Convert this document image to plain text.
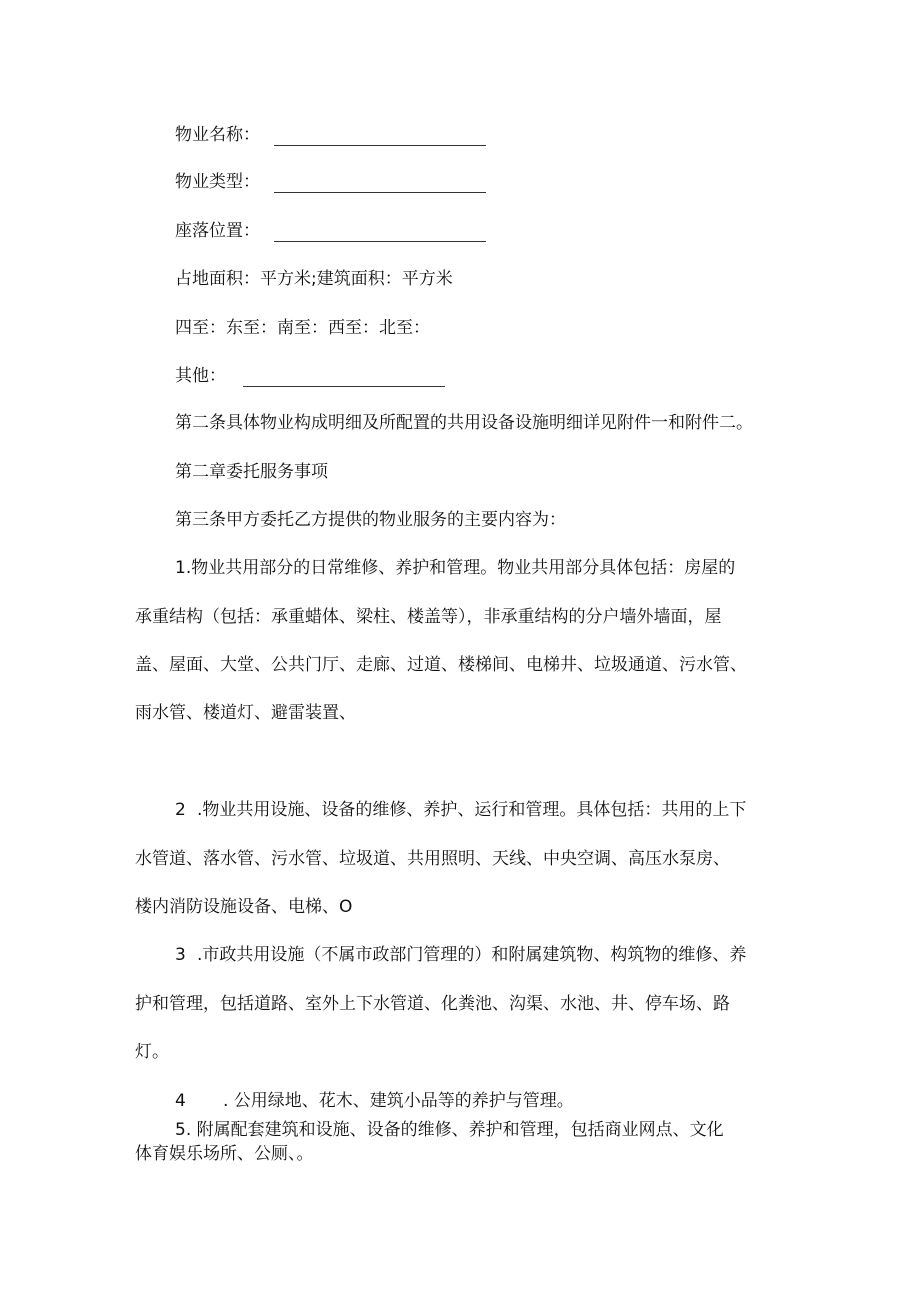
物业名称：

物业类型：

座落位置：

占地面积：平方米;建筑面积：平方米

四至：东至：南至：西至：北至：

其他：

第二条具体物业构成明细及所配置的共用设备设施明细详见附件一和附件二。

第二章委托服务事项

第三条甲方委托乙方提供的物业服务的主要内容为：

1.物业共用部分的日常维修、养护和管理。物业共用部分具体包括：房屋的

承重结构（包括：承重蜡体、梁柱、楼盖等），非承重结构的分户墙外墙面，屋

盖、屋面、大堂、公共门厅、走廊、过道、楼梯间、电梯井、垃圾通道、污水管、

雨水管、楼道灯、避雷装置、

2 .物业共用设施、设备的维修、养护、运行和管理。具体包括：共用的上下

水管道、落水管、污水管、垃圾道、共用照明、天线、中央空调、高压水泵房、

楼内消防设施设备、电梯、O

3 .市政共用设施（不属市政部门管理的）和附属建筑物、构筑物的维修、养

护和管理，包括道路、室外上下水管道、化粪池、沟渠、水池、井、停车场、路

灯。

4 . 公用绿地、花木、建筑小品等的养护与管理。

5. 附属配套建筑和设施、设备的维修、养护和管理，包括商业网点、文化

体育娱乐场所、公厕、。
